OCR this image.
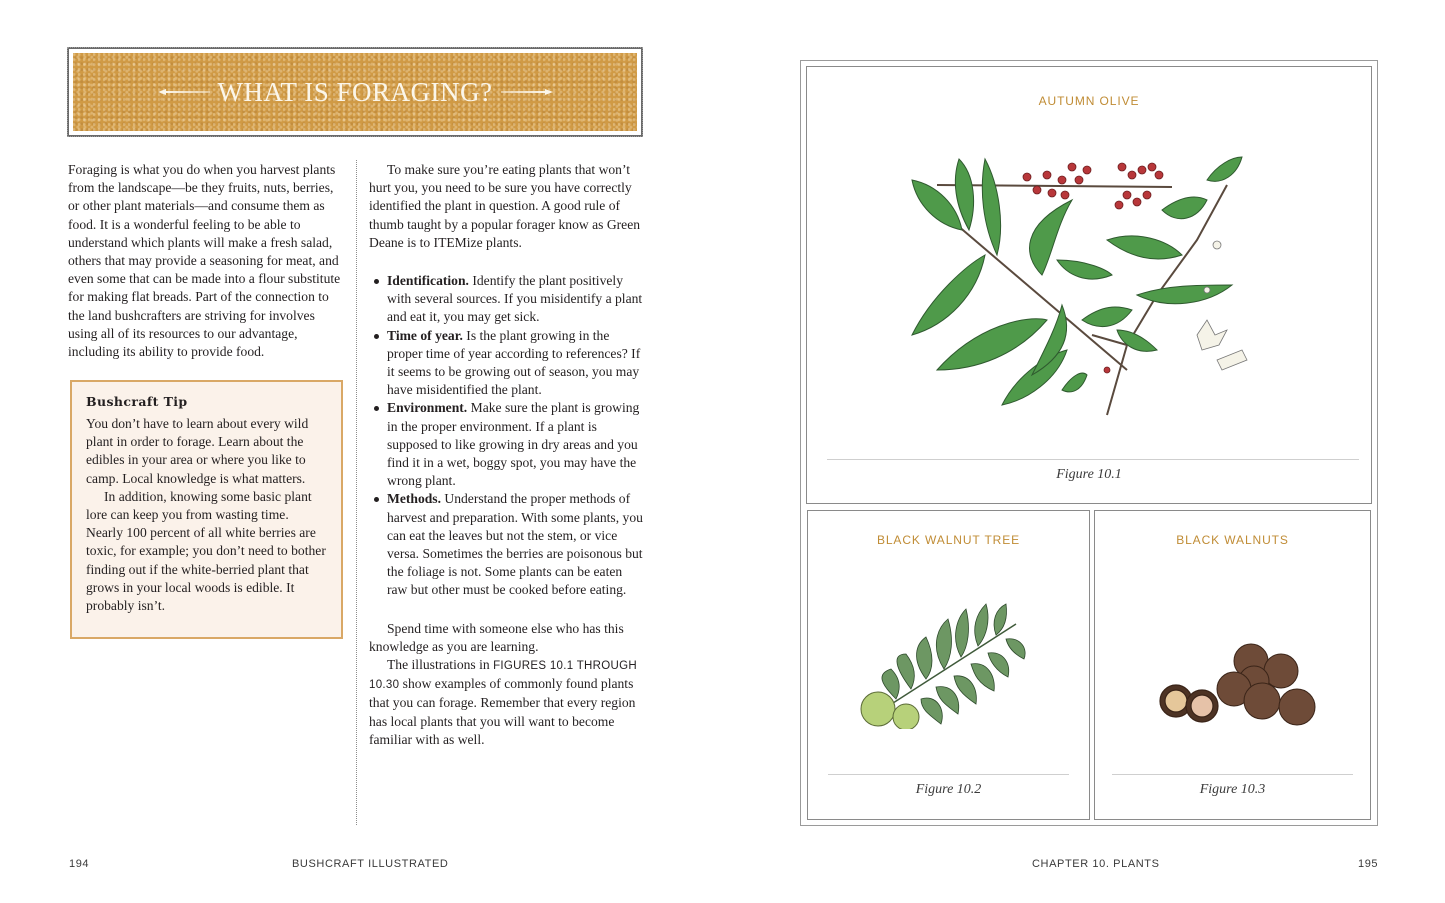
WHAT IS FORAGING?

Foraging is what you do when you harvest plants from the landscape—be they fruits, nuts, berries, or other plant materials—and consume them as food. It is a wonderful feeling to be able to understand which plants will make a fresh salad, others that may provide a seasoning for meat, and even some that can be made into a flour substitute for making flat breads. Part of the connection to the land bushcrafters are striving for involves using all of its resources to our advantage, including its ability to provide food.

Bushcraft Tip

You don’t have to learn about every wild plant in order to forage. Learn about the edibles in your area or where you like to camp. Local knowledge is what matters.

In addition, knowing some basic plant lore can keep you from wasting time. Nearly 100 percent of all white berries are toxic, for example; you don’t need to bother finding out if the white-berried plant that grows in your local woods is edible. It probably isn’t.

To make sure you’re eating plants that won’t hurt you, you need to be sure you have correctly identified the plant in question. A good rule of thumb taught by a popular forager know as Green Deane is to ITEMize plants.

Identification. Identify the plant positively with several sources. If you misidentify a plant and eat it, you may get sick.
Time of year. Is the plant growing in the proper time of year according to references? If it seems to be growing out of season, you may have misidentified the plant.
Environment. Make sure the plant is growing in the proper environment. If a plant is supposed to like growing in dry areas and you find it in a wet, boggy spot, you may have the wrong plant.
Methods. Understand the proper methods of harvest and preparation. With some plants, you can eat the leaves but not the stem, or vice versa. Sometimes the berries are poisonous but the foliage is not. Some plants can be eaten raw but other must be cooked before eating.

Spend time with someone else who has this knowledge as you are learning.

The illustrations in FIGURES 10.1 THROUGH 10.30 show examples of commonly found plants that you can forage. Remember that every region has local plants that you will want to become familiar with as well.

194	BUSHCRAFT ILLUSTRATED
AUTUMN OLIVE
Figure 10.1
BLACK WALNUT TREE
Figure 10.2
BLACK WALNUTS
Figure 10.3
CHAPTER 10. PLANTS	195
